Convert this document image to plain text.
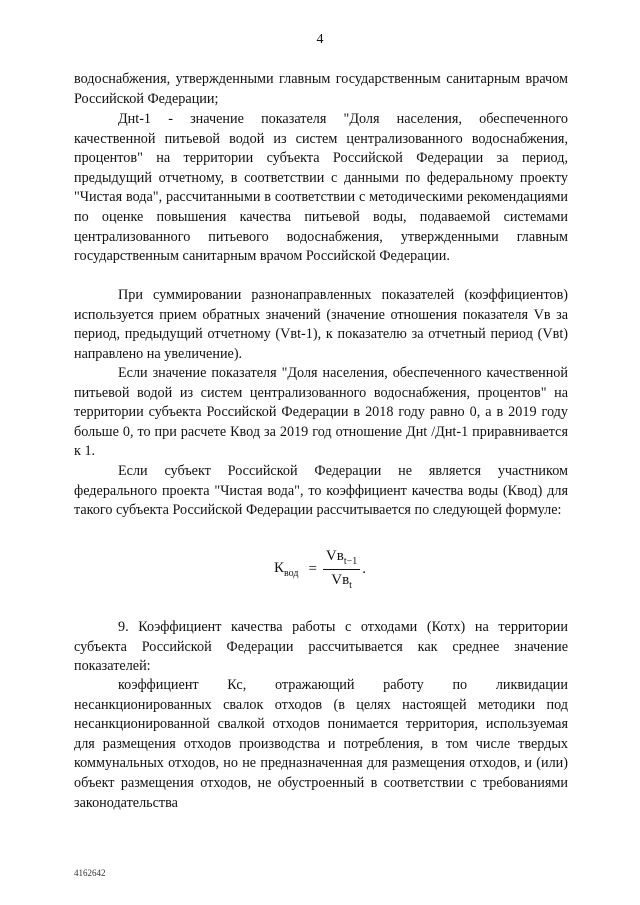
4

водоснабжения, утвержденными главным государственным санитарным врачом Российской Федерации;

Днt-1 - значение показателя "Доля населения, обеспеченного качественной питьевой водой из систем централизованного водоснабжения, процентов" на территории субъекта Российской Федерации за период, предыдущий отчетному, в соответствии с данными по федеральному проекту "Чистая вода", рассчитанными в соответствии с методическими рекомендациями по оценке повышения качества питьевой воды, подаваемой системами централизованного питьевого водоснабжения, утвержденными главным государственным санитарным врачом Российской Федерации.

При суммировании разнонаправленных показателей (коэффициентов) используется прием обратных значений (значение отношения показателя Vв за период, предыдущий отчетному (Vвt-1), к показателю за отчетный период (Vвt) направлено на увеличение).

Если значение показателя "Доля населения, обеспеченного качественной питьевой водой из систем централизованного водоснабжения, процентов" на территории субъекта Российской Федерации в 2018 году равно 0, а в 2019 году больше 0, то при расчете Квод за 2019 год отношение Днt /Днt-1 приравнивается к 1.

Если субъект Российской Федерации не является участником федерального проекта "Чистая вода", то коэффициент качества воды (Квод) для такого субъекта Российской Федерации рассчитывается по следующей формуле:

$К_{вод} = \frac{Vв_{t-1}}{Vв_t}$ .

9. Коэффициент качества работы с отходами (Котх) на территории субъекта Российской Федерации рассчитывается как среднее значение показателей:

коэффициент Кс, отражающий работу по ликвидации несанкционированных свалок отходов (в целях настоящей методики под несанкционированной свалкой отходов понимается территория, используемая для размещения отходов производства и потребления, в том числе твердых коммунальных отходов, но не предназначенная для размещения отходов, и (или) объект размещения отходов, не обустроенный в соответствии с требованиями законодательства

4162642
